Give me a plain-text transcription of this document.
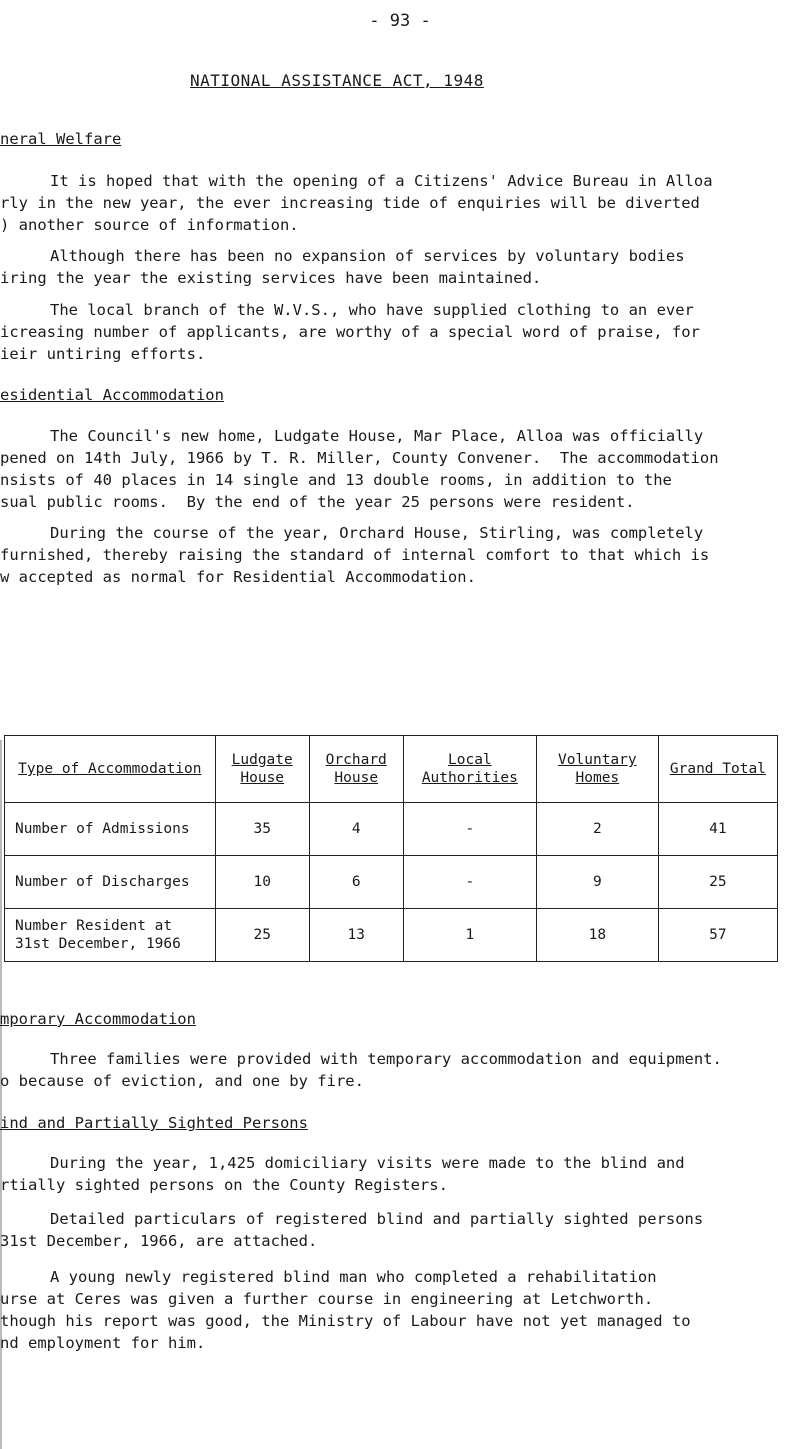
- 93 -
NATIONAL ASSISTANCE ACT, 1948
neral Welfare
It is hoped that with the opening of a Citizens' Advice Bureau in Alloa
rly in the new year, the ever increasing tide of enquiries will be diverted
) another source of information.
Although there has been no expansion of services by voluntary bodies
iring the year the existing services have been maintained.
The local branch of the W.V.S., who have supplied clothing to an ever
icreasing number of applicants, are worthy of a special word of praise, for
ieir untiring efforts.
esidential Accommodation
The Council's new home, Ludgate House, Mar Place, Alloa was officially
pened on 14th July, 1966 by T. R. Miller, County Convener.  The accommodation
nsists of 40 places in 14 single and 13 double rooms, in addition to the
sual public rooms.  By the end of the year 25 persons were resident.
During the course of the year, Orchard House, Stirling, was completely
furnished, thereby raising the standard of internal comfort to that which is
w accepted as normal for Residential Accommodation.
Type of Accommodation	Ludgate House	Orchard House	Local Authorities	Voluntary Homes	Grand Total
Number of Admissions	35	4	-	2	41
Number of Discharges	10	6	-	9	25
Number Resident at 31st December, 1966	25	13	1	18	57
mporary Accommodation
Three families were provided with temporary accommodation and equipment.
o because of eviction, and one by fire.
ind and Partially Sighted Persons
During the year, 1,425 domiciliary visits were made to the blind and
rtially sighted persons on the County Registers.
Detailed particulars of registered blind and partially sighted persons
31st December, 1966, are attached.
A young newly registered blind man who completed a rehabilitation
urse at Ceres was given a further course in engineering at Letchworth.
though his report was good, the Ministry of Labour have not yet managed to
nd employment for him.
